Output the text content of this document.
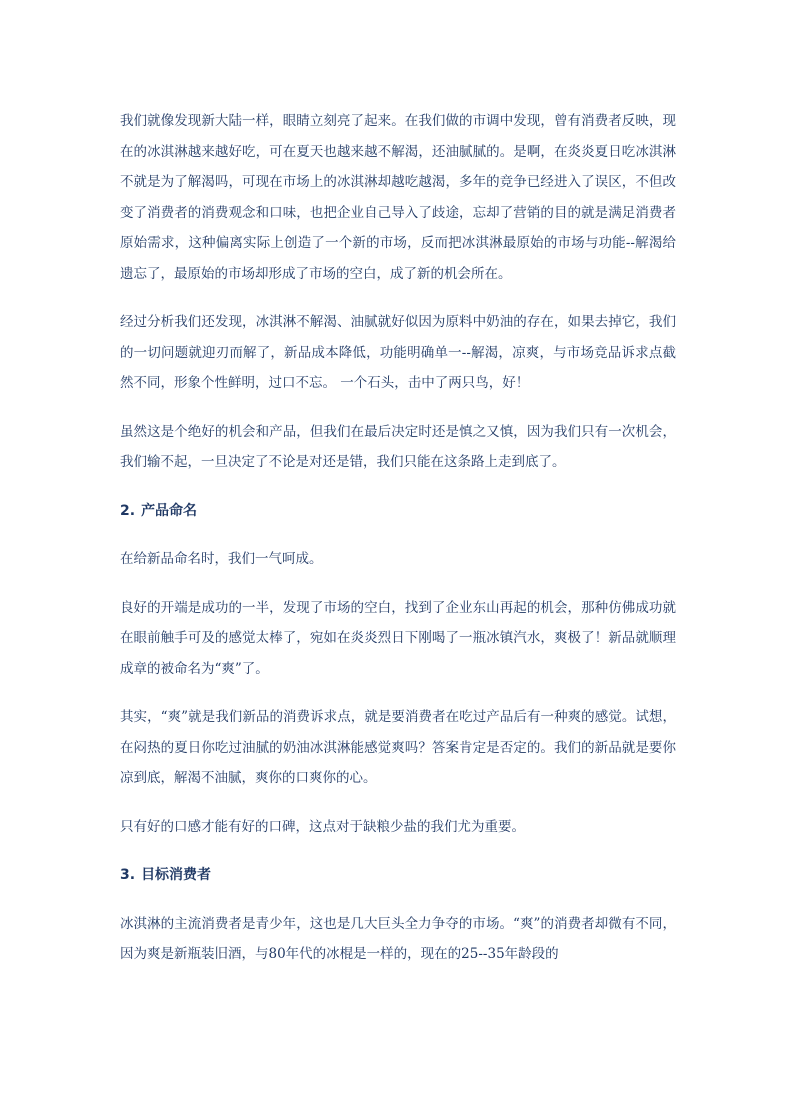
我们就像发现新大陆一样，眼睛立刻亮了起来。在我们做的市调中发现，曾有消费者反映，现在的冰淇淋越来越好吃，可在夏天也越来越不解渴，还油腻腻的。是啊，在炎炎夏日吃冰淇淋不就是为了解渴吗，可现在市场上的冰淇淋却越吃越渴，多年的竞争已经进入了误区，不但改变了消费者的消费观念和口味，也把企业自己导入了歧途，忘却了营销的目的就是满足消费者原始需求，这种偏离实际上创造了一个新的市场，反而把冰淇淋最原始的市场与功能--解渴给遗忘了，最原始的市场却形成了市场的空白，成了新的机会所在。

经过分析我们还发现，冰淇淋不解渴、油腻就好似因为原料中奶油的存在，如果去掉它，我们的一切问题就迎刃而解了，新品成本降低，功能明确单一--解渴，凉爽，与市场竞品诉求点截然不同，形象个性鲜明，过口不忘。 一个石头，击中了两只鸟，好！

虽然这是个绝好的机会和产品，但我们在最后决定时还是慎之又慎，因为我们只有一次机会，我们输不起，一旦决定了不论是对还是错，我们只能在这条路上走到底了。

2. 产品命名

在给新品命名时，我们一气呵成。

良好的开端是成功的一半，发现了市场的空白，找到了企业东山再起的机会，那种仿佛成功就在眼前触手可及的感觉太棒了，宛如在炎炎烈日下刚喝了一瓶冰镇汽水，爽极了！新品就顺理成章的被命名为“爽”了。

其实，“爽”就是我们新品的消费诉求点，就是要消费者在吃过产品后有一种爽的感觉。试想，在闷热的夏日你吃过油腻的奶油冰淇淋能感觉爽吗？答案肯定是否定的。我们的新品就是要你凉到底，解渴不油腻，爽你的口爽你的心。

只有好的口感才能有好的口碑，这点对于缺粮少盐的我们尤为重要。

3. 目标消费者

冰淇淋的主流消费者是青少年，这也是几大巨头全力争夺的市场。“爽”的消费者却微有不同，因为爽是新瓶装旧酒，与80年代的冰棍是一样的，现在的25--35年龄段的
